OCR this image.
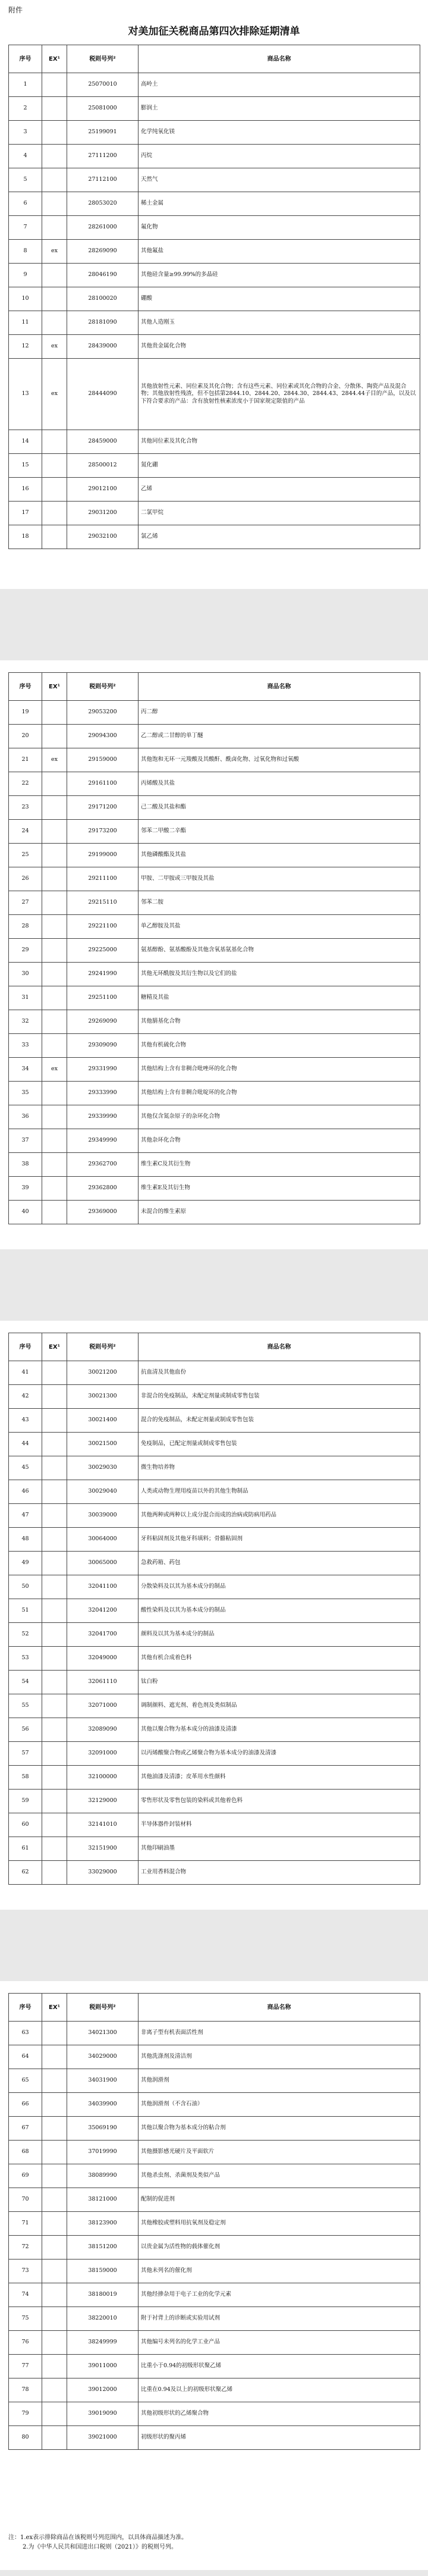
附件
对美加征关税商品第四次排除延期清单
序号	EX¹	税则号列²	商品名称
1		25070010	高岭土
2		25081000	膨润土
3		25199091	化学纯氧化镁
4		27111200	丙烷
5		27112100	天然气
6		28053020	稀土金属
7		28261000	氟化物
8	ex	28269090	其他氟盐
9		28046190	其他硅含量≥99.99%的多晶硅
10		28100020	硼酸
11		28181090	其他人造刚玉
12	ex	28439000	其他贵金属化合物
13	ex	28444090	其他放射性元素、同位素及其化合物；含有这些元素、同位素或其化合物的合金、分散体、陶瓷产品及混合物；其他放射性残渣，但不包括第2844.10、2844.20、2844.30、2844.43、2844.44子目的产品，以及以下符合要求的产品：含有放射性核素浓度小于国家规定限值的产品
14		28459000	其他同位素及其化合物
15		28500012	氮化硼
16		29012100	乙烯
17		29031200	二氯甲烷
18		29032100	氯乙烯
序号	EX¹	税则号列²	商品名称
19		29053200	丙二醇
20		29094300	乙二醇或二甘醇的单丁醚
21	ex	29159000	其他饱和无环一元羧酸及其酸酐、酰卤化物、过氧化物和过氧酸
22		29161100	丙烯酸及其盐
23		29171200	己二酸及其盐和酯
24		29173200	邻苯二甲酸二辛酯
25		29199000	其他磷酸酯及其盐
26		29211100	甲胺、二甲胺或三甲胺及其盐
27		29215110	邻苯二胺
28		29221100	单乙醇胺及其盐
29		29225000	氨基醇酚、氨基酸酚及其他含氧基氨基化合物
30		29241990	其他无环酰胺及其衍生物以及它们的盐
31		29251100	糖精及其盐
32		29269090	其他腈基化合物
33		29309090	其他有机硫化合物
34	ex	29331990	其他结构上含有非稠合吡唑环的化合物
35		29333990	其他结构上含有非稠合吡啶环的化合物
36		29339990	其他仅含氮杂原子的杂环化合物
37		29349990	其他杂环化合物
38		29362700	维生素C及其衍生物
39		29362800	维生素E及其衍生物
40		29369000	未混合的维生素原
序号	EX¹	税则号列²	商品名称
41		30021200	抗血清及其他血份
42		30021300	非混合的免疫制品，未配定剂量或制成零售包装
43		30021400	混合的免疫制品，未配定剂量或制成零售包装
44		30021500	免疫制品，已配定剂量或制成零售包装
45		30029030	微生物培养物
46		30029040	人类或动物生理用疫苗以外的其他生物制品
47		30039000	其他两种或两种以上成分混合而成的治病或防病用药品
48		30064000	牙科粘固剂及其他牙科填料；骨骼粘固剂
49		30065000	急救药箱、药包
50		32041100	分散染料及以其为基本成分的制品
51		32041200	酸性染料及以其为基本成分的制品
52		32041700	颜料及以其为基本成分的制品
53		32049000	其他有机合成着色料
54		32061110	钛白粉
55		32071000	调制颜料、遮光剂、着色剂及类似制品
56		32089090	其他以聚合物为基本成分的油漆及清漆
57		32091000	以丙烯酸聚合物或乙烯聚合物为基本成分的油漆及清漆
58		32100000	其他油漆及清漆；皮革用水性颜料
59		32129000	零售形状及零售包装的染料或其他着色料
60		32141010	半导体器件封装材料
61		32151900	其他印刷油墨
62		33029000	工业用香料混合物
序号	EX¹	税则号列²	商品名称
63		34021300	非离子型有机表面活性剂
64		34029000	其他洗涤剂及清洁剂
65		34031900	其他润滑剂
66		34039900	其他润滑剂（不含石油）
67		35069190	其他以聚合物为基本成分的粘合剂
68		37019990	其他摄影感光硬片及平面软片
69		38089990	其他杀虫剂、杀菌剂及类似产品
70		38121000	配制的促进剂
71		38123900	其他橡胶或塑料用抗氧剂及稳定剂
72		38151200	以贵金属为活性物的载体催化剂
73		38159000	其他未列名的催化剂
74		38180019	其他经掺杂用于电子工业的化学元素
75		38220010	附于衬背上的诊断或实验用试剂
76		38249999	其他编号未列名的化学工业产品
77		39011000	比重小于0.94的初级形状聚乙烯
78		39012000	比重在0.94及以上的初级形状聚乙烯
79		39019090	其他初级形状的乙烯聚合物
80		39021000	初级形状的聚丙烯
注：1.ex表示排除商品在该税则号列范围内，以具体商品描述为准。
2.为《中华人民共和国进出口税则（2021）》的税则号列。
